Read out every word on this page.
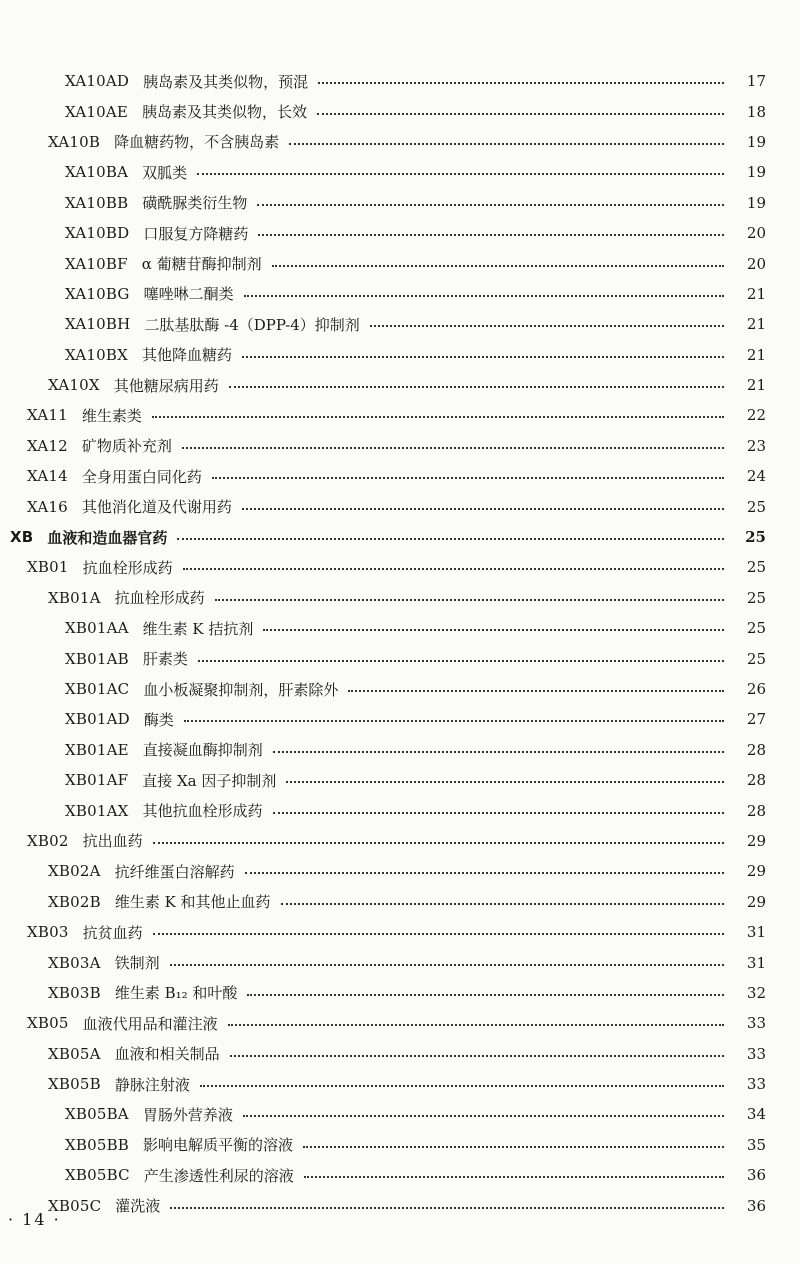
XA10AD 胰岛素及其类似物，预混	17
XA10AE 胰岛素及其类似物，长效	18
XA10B 降血糖药物，不含胰岛素	19
XA10BA 双胍类	19
XA10BB 磺酰脲类衍生物	19
XA10BD 口服复方降糖药	20
XA10BF α 葡糖苷酶抑制剂	20
XA10BG 噻唑啉二酮类	21
XA10BH 二肽基肽酶 -4（DPP-4）抑制剂	21
XA10BX 其他降血糖药	21
XA10X 其他糖尿病用药	21
XA11 维生素类	22
XA12 矿物质补充剂	23
XA14 全身用蛋白同化药	24
XA16 其他消化道及代谢用药	25
XB 血液和造血器官药	25
XB01 抗血栓形成药	25
XB01A 抗血栓形成药	25
XB01AA 维生素 K 拮抗剂	25
XB01AB 肝素类	25
XB01AC 血小板凝聚抑制剂，肝素除外	26
XB01AD 酶类	27
XB01AE 直接凝血酶抑制剂	28
XB01AF 直接 Xa 因子抑制剂	28
XB01AX 其他抗血栓形成药	28
XB02 抗出血药	29
XB02A 抗纤维蛋白溶解药	29
XB02B 维生素 K 和其他止血药	29
XB03 抗贫血药	31
XB03A 铁制剂	31
XB03B 维生素 B₁₂ 和叶酸	32
XB05 血液代用品和灌注液	33
XB05A 血液和相关制品	33
XB05B 静脉注射液	33
XB05BA 胃肠外营养液	34
XB05BB 影响电解质平衡的溶液	35
XB05BC 产生渗透性利尿的溶液	36
XB05C 灌洗液	36
· 14 ·
